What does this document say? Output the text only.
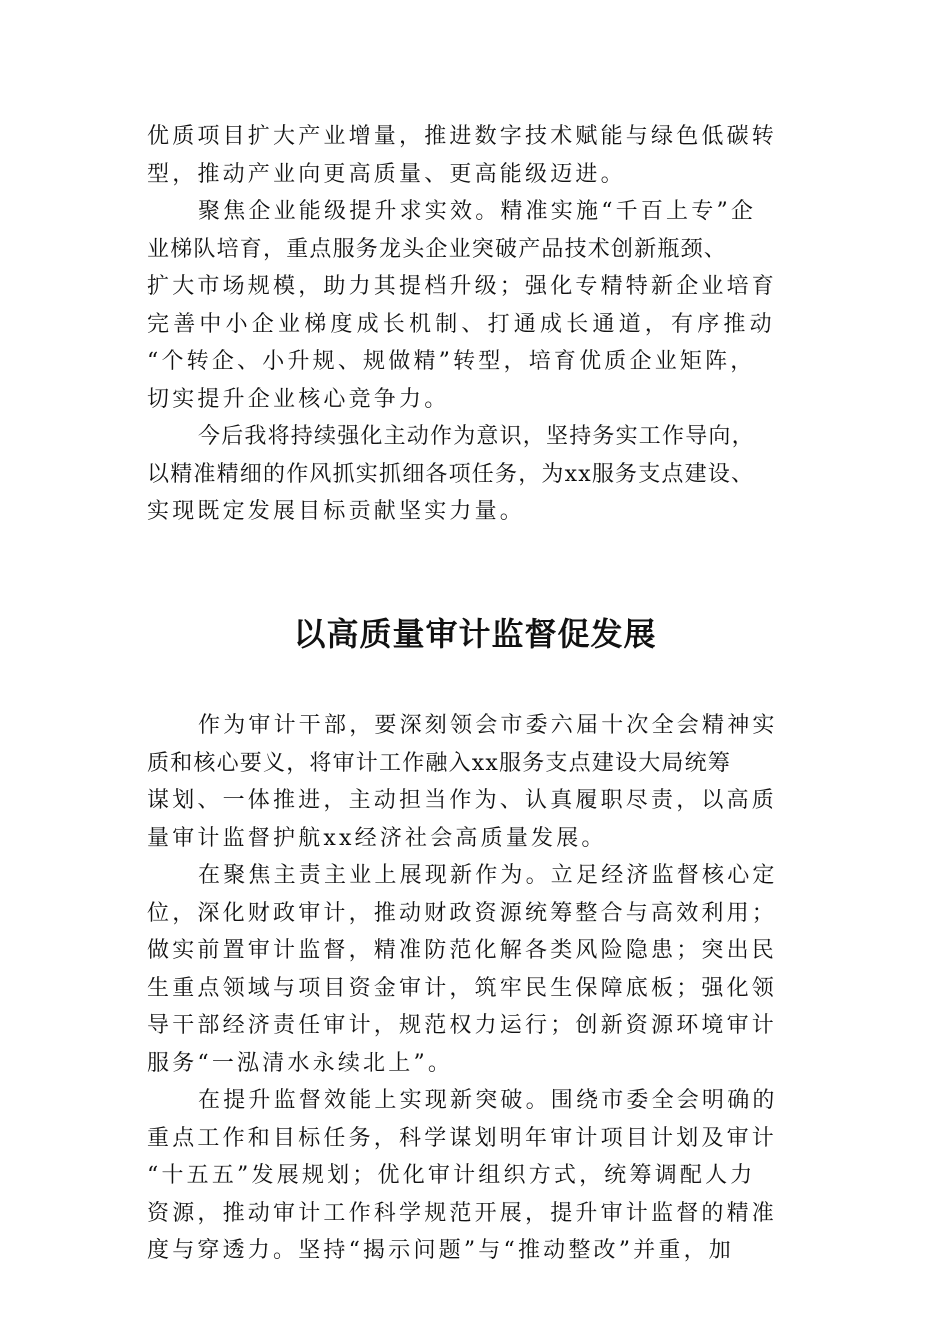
优质项目扩大产业增量，推进数字技术赋能与绿色低碳转
型，推动产业向更高质量、更高能级迈进。
聚焦企业能级提升求实效。精准实施“千百上专”企
业梯队培育，重点服务龙头企业突破产品技术创新瓶颈、
扩大市场规模，助力其提档升级；强化专精特新企业培育
完善中小企业梯度成长机制、打通成长通道，有序推动
“个转企、小升规、规做精”转型，培育优质企业矩阵，
切实提升企业核心竞争力。
今后我将持续强化主动作为意识，坚持务实工作导向，
以精准精细的作风抓实抓细各项任务，为xx服务支点建设、
实现既定发展目标贡献坚实力量。
以高质量审计监督促发展
作为审计干部，要深刻领会市委六届十次全会精神实
质和核心要义，将审计工作融入xx服务支点建设大局统筹
谋划、一体推进，主动担当作为、认真履职尽责，以高质
量审计监督护航xx经济社会高质量发展。
在聚焦主责主业上展现新作为。立足经济监督核心定
位，深化财政审计，推动财政资源统筹整合与高效利用；
做实前置审计监督，精准防范化解各类风险隐患；突出民
生重点领域与项目资金审计，筑牢民生保障底板；强化领
导干部经济责任审计，规范权力运行；创新资源环境审计
服务“一泓清水永续北上”。
在提升监督效能上实现新突破。围绕市委全会明确的
重点工作和目标任务，科学谋划明年审计项目计划及审计
“十五五”发展规划；优化审计组织方式，统筹调配人力
资源，推动审计工作科学规范开展，提升审计监督的精准
度与穿透力。坚持“揭示问题”与“推动整改”并重，加
